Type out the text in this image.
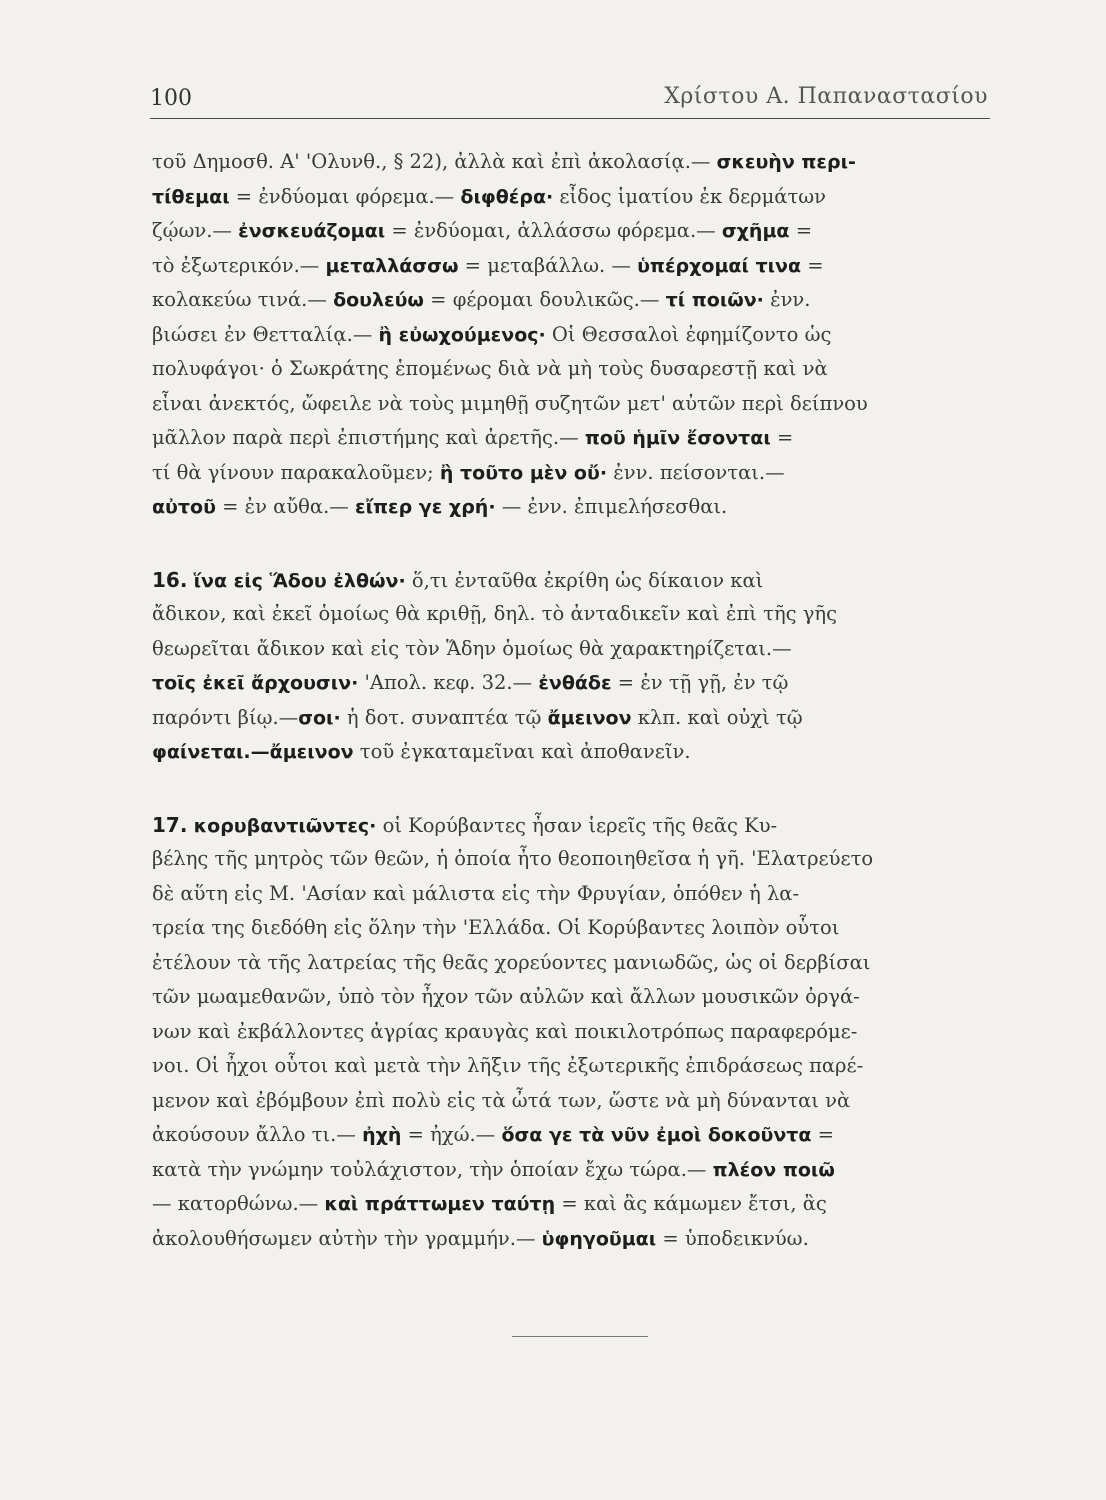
100	Χρίστου Α. Παπαναστασίου
τοῦ Δημοσθ. Α' 'Ολυνθ., § 22), ἀλλὰ καὶ ἐπὶ ἀκολασίᾳ.— σκευὴν περι-
τίθεμαι = ἐνδύομαι φόρεμα.— διφθέρα· εἶδος ἱματίου ἐκ δερμάτων
ζῴων.— ἐνσκευάζομαι = ἐνδύομαι, ἀλλάσσω φόρεμα.— σχῆμα =
τὸ ἐξωτερικόν.— μεταλλάσσω = μεταβάλλω. — ὑπέρχομαί τινα =
κολακεύω τινά.— δουλεύω = φέρομαι δουλικῶς.— τί ποιῶν· ἐνν.
βιώσει ἐν Θετταλίᾳ.— ἢ εὐωχούμενος· Οἱ Θεσσαλοὶ ἐφημίζοντο ὡς
πολυφάγοι· ὁ Σωκράτης ἑπομένως διὰ νὰ μὴ τοὺς δυσαρεστῇ καὶ νὰ
εἶναι ἀνεκτός, ὤφειλε νὰ τοὺς μιμηθῇ συζητῶν μετ' αὐτῶν περὶ δείπνου
μᾶλλον παρὰ περὶ ἐπιστήμης καὶ ἀρετῆς.— ποῦ ἡμῖν ἔσονται =
τί θὰ γίνουν παρακαλοῦμεν; ἢ τοῦτο μὲν οὔ· ἐνν. πείσονται.—
αὐτοῦ = ἐν αὔθα.— εἴπερ γε χρή· — ἐνν. ἐπιμελήσεσθαι.
16. ἵνα εἰς Ἅδου ἐλθών· ὅ,τι ἐνταῦθα ἐκρίθη ὡς δίκαιον καὶ
ἄδικον, καὶ ἐκεῖ ὁμοίως θὰ κριθῇ, δηλ. τὸ ἀνταδικεῖν καὶ ἐπὶ τῆς γῆς
θεωρεῖται ἄδικον καὶ εἰς τὸν Ἅδην ὁμοίως θὰ χαρακτηρίζεται.—
τοῖς ἐκεῖ ἄρχουσιν· 'Απολ. κεφ. 32.— ἐνθάδε = ἐν τῇ γῇ, ἐν τῷ
παρόντι βίῳ.—σοι· ἡ δοτ. συναπτέα τῷ ἄμεινον κλπ. καὶ οὐχὶ τῷ
φαίνεται.—ἄμεινον τοῦ ἐγκαταμεῖναι καὶ ἀποθανεῖν.
17. κορυβαντιῶντες· οἱ Κορύβαντες ἦσαν ἱερεῖς τῆς θεᾶς Κυ-
βέλης τῆς μητρὸς τῶν θεῶν, ἡ ὁποία ἦτο θεοποιηθεῖσα ἡ γῆ. 'Ελατρεύετο
δὲ αὕτη εἰς Μ. 'Ασίαν καὶ μάλιστα εἰς τὴν Φρυγίαν, ὁπόθεν ἡ λα-
τρεία της διεδόθη εἰς ὅλην τὴν 'Ελλάδα. Οἱ Κορύβαντες λοιπὸν οὗτοι
ἐτέλουν τὰ τῆς λατρείας τῆς θεᾶς χορεύοντες μανιωδῶς, ὡς οἱ δερβίσαι
τῶν μωαμεθανῶν, ὑπὸ τὸν ἦχον τῶν αὐλῶν καὶ ἄλλων μουσικῶν ὀργά-
νων καὶ ἐκβάλλοντες ἀγρίας κραυγὰς καὶ ποικιλοτρόπως παραφερόμε-
νοι. Οἱ ἦχοι οὗτοι καὶ μετὰ τὴν λῆξιν τῆς ἐξωτερικῆς ἐπιδράσεως παρέ-
μενον καὶ ἐβόμβουν ἐπὶ πολὺ εἰς τὰ ὦτά των, ὥστε νὰ μὴ δύνανται νὰ
ἀκούσουν ἄλλο τι.— ἠχὴ = ἠχώ.— ὅσα γε τὰ νῦν ἐμοὶ δοκοῦντα =
κατὰ τὴν γνώμην τοὐλάχιστον, τὴν ὁποίαν ἔχω τώρα.— πλέον ποιῶ
— κατορθώνω.— καὶ πράττωμεν ταύτῃ = καὶ ἂς κάμωμεν ἔτσι, ἂς
ἀκολουθήσωμεν αὐτὴν τὴν γραμμήν.— ὑφηγοῦμαι = ὑποδεικνύω.
